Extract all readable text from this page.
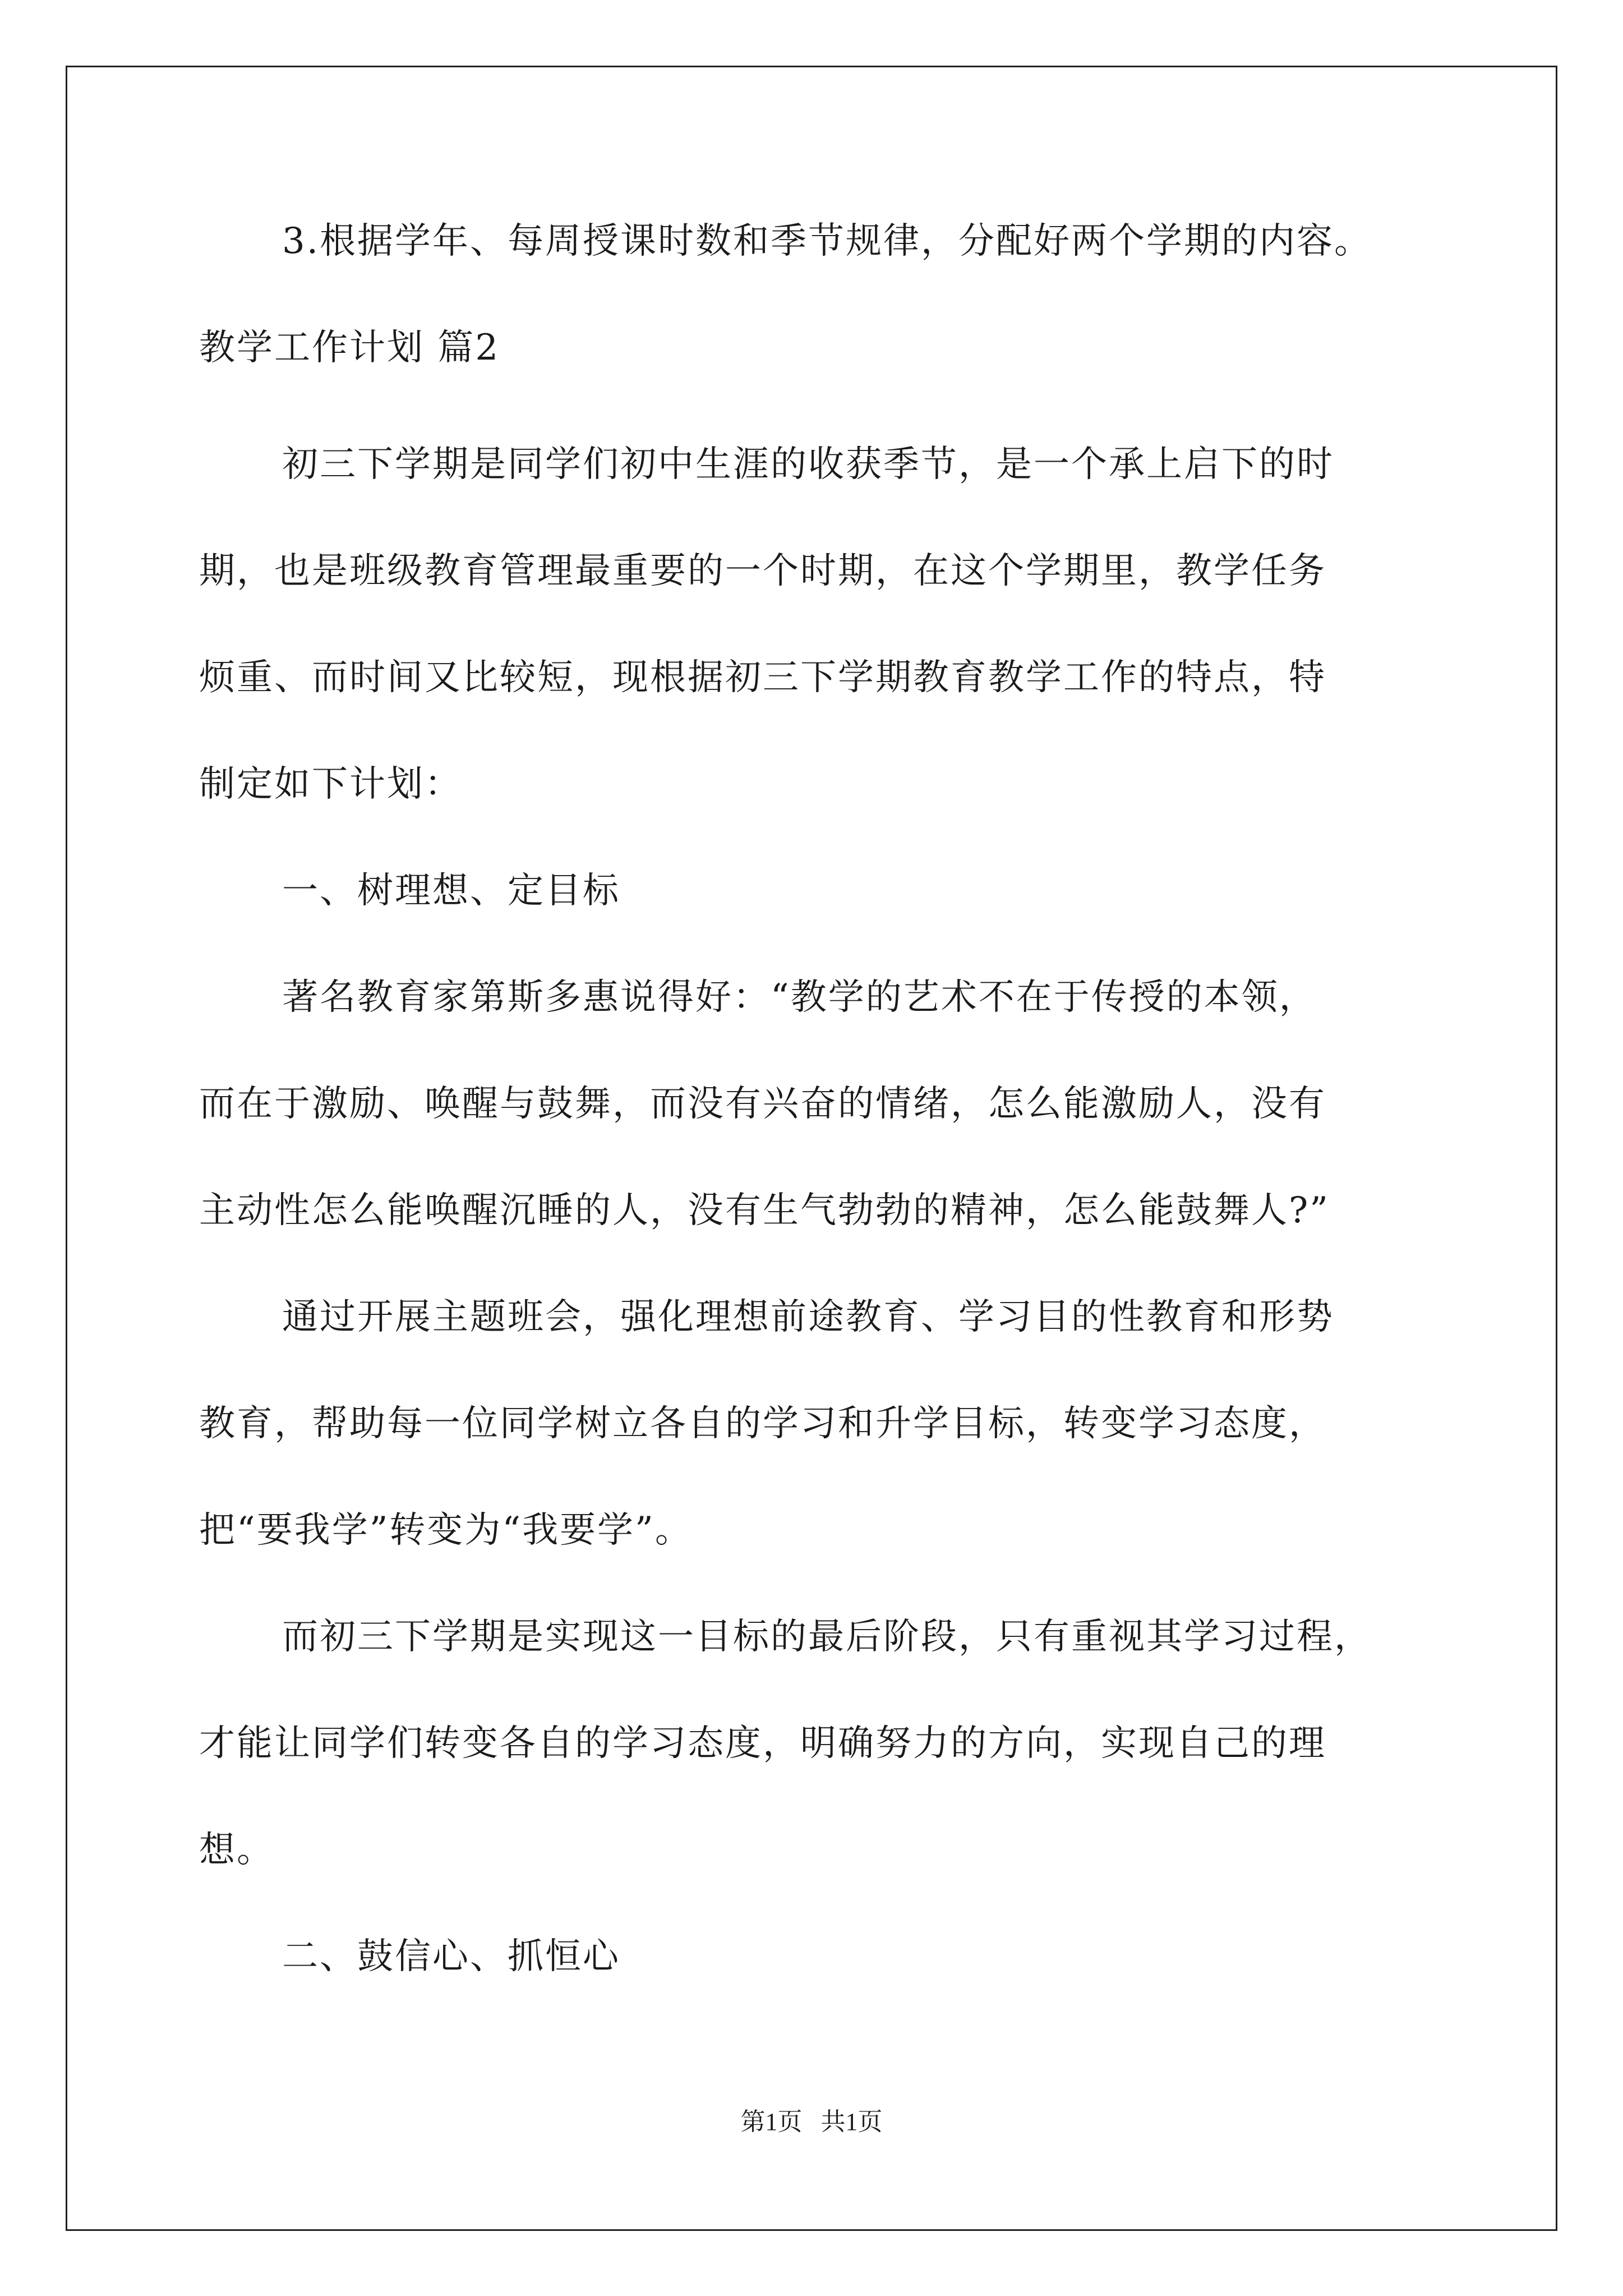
3.根据学年、每周授课时数和季节规律，分配好两个学期的内容。
教学工作计划 篇2
初三下学期是同学们初中生涯的收获季节，是一个承上启下的时
期，也是班级教育管理最重要的一个时期，在这个学期里，教学任务
烦重、而时间又比较短，现根据初三下学期教育教学工作的特点，特
制定如下计划：
一、树理想、定目标
著名教育家第斯多惠说得好：“教学的艺术不在于传授的本领，
而在于激励、唤醒与鼓舞，而没有兴奋的情绪，怎么能激励人，没有
主动性怎么能唤醒沉睡的人，没有生气勃勃的精神，怎么能鼓舞人?”
通过开展主题班会，强化理想前途教育、学习目的性教育和形势
教育，帮助每一位同学树立各自的学习和升学目标，转变学习态度，
把“要我学”转变为“我要学”。
而初三下学期是实现这一目标的最后阶段，只有重视其学习过程，
才能让同学们转变各自的学习态度，明确努力的方向，实现自己的理
想。
二、鼓信心、抓恒心
第1页   共1页
